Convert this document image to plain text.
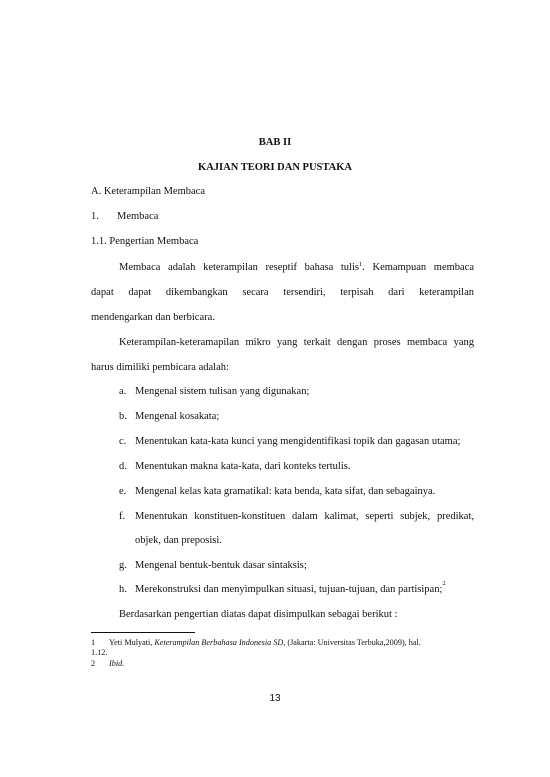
BAB II
KAJIAN TEORI DAN PUSTAKA
A. Keterampilan Membaca
1.	Membaca
1.1. Pengertian Membaca
Membaca adalah keterampilan reseptif bahasa tulis$^1$. Kemampuan membaca
dapat dapat dikembangkan secara tersendiri, terpisah dari keterampilan
mendengarkan dan berbicara.
Keterampilan-keteramapilan mikro yang terkait dengan proses membaca yang
harus dimiliki pembicara adalah:
a. Mengenal sistem tulisan yang digunakan;
b. Mengenal kosakata;
c. Menentukan kata-kata kunci yang mengidentifikasi topik dan gagasan utama;
d. Menentukan makna kata-kata, dari konteks tertulis.
e. Mengenal kelas kata gramatikal: kata benda, kata sifat, dan sebagainya.
f. Menentukan konstituen-konstituen dalam kalimat, seperti subjek, predikat,
objek, dan preposisi.
g. Mengenal bentuk-bentuk dasar sintaksis;
h. Merekonstruksi dan menyimpulkan situasi, tujuan-tujuan, dan partisipan;
2
Berdasarkan pengertian diatas dapat disimpulkan sebagai berikut :
1 Yeti Mulyati, Keterampilan Berbahasa Indonesia SD, (Jakarta: Universitas Terbuka,2009), hal.
1.12.
2 Ibid.
13
